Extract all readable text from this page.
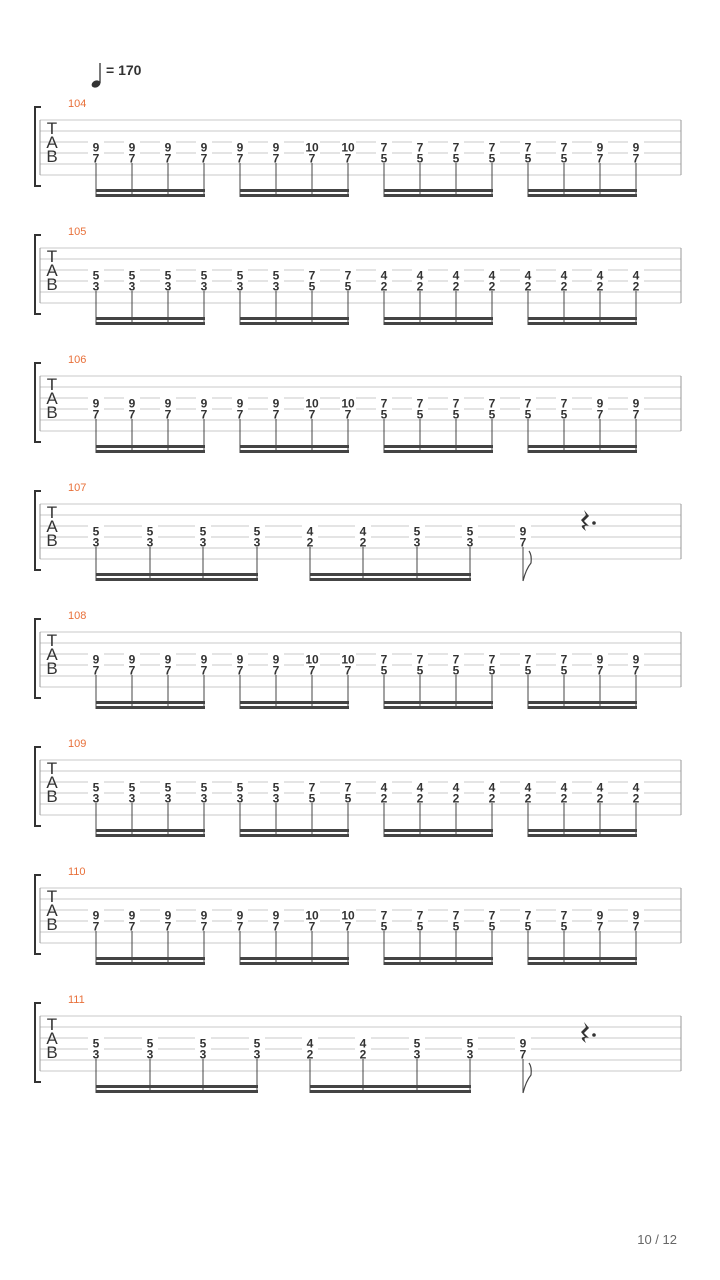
= 170
104
T
A
B	9
7
9
7
9
7
9
7
9
7
9
7
10
7
10
7
7
5
7
5
7
5
7
5
7
5
7
5
9
7
9
7
105
T
A
B	5
3
5
3
5
3
5
3
5
3
5
3
7
5
7
5
4
2
4
2
4
2
4
2
4
2
4
2
4
2
4
2
106
T
A
B	9
7
9
7
9
7
9
7
9
7
9
7
10
7
10
7
7
5
7
5
7
5
7
5
7
5
7
5
9
7
9
7
107
T
A
B	5
3
5
3
5
3
5
3
4
2
4
2
5
3
5
3
9
7
108
T
A
B	9
7
9
7
9
7
9
7
9
7
9
7
10
7
10
7
7
5
7
5
7
5
7
5
7
5
7
5
9
7
9
7
109
T
A
B	5
3
5
3
5
3
5
3
5
3
5
3
7
5
7
5
4
2
4
2
4
2
4
2
4
2
4
2
4
2
4
2
110
T
A
B	9
7
9
7
9
7
9
7
9
7
9
7
10
7
10
7
7
5
7
5
7
5
7
5
7
5
7
5
9
7
9
7
111
T
A
B	5
3
5
3
5
3
5
3
4
2
4
2
5
3
5
3
9
7
10 / 12
